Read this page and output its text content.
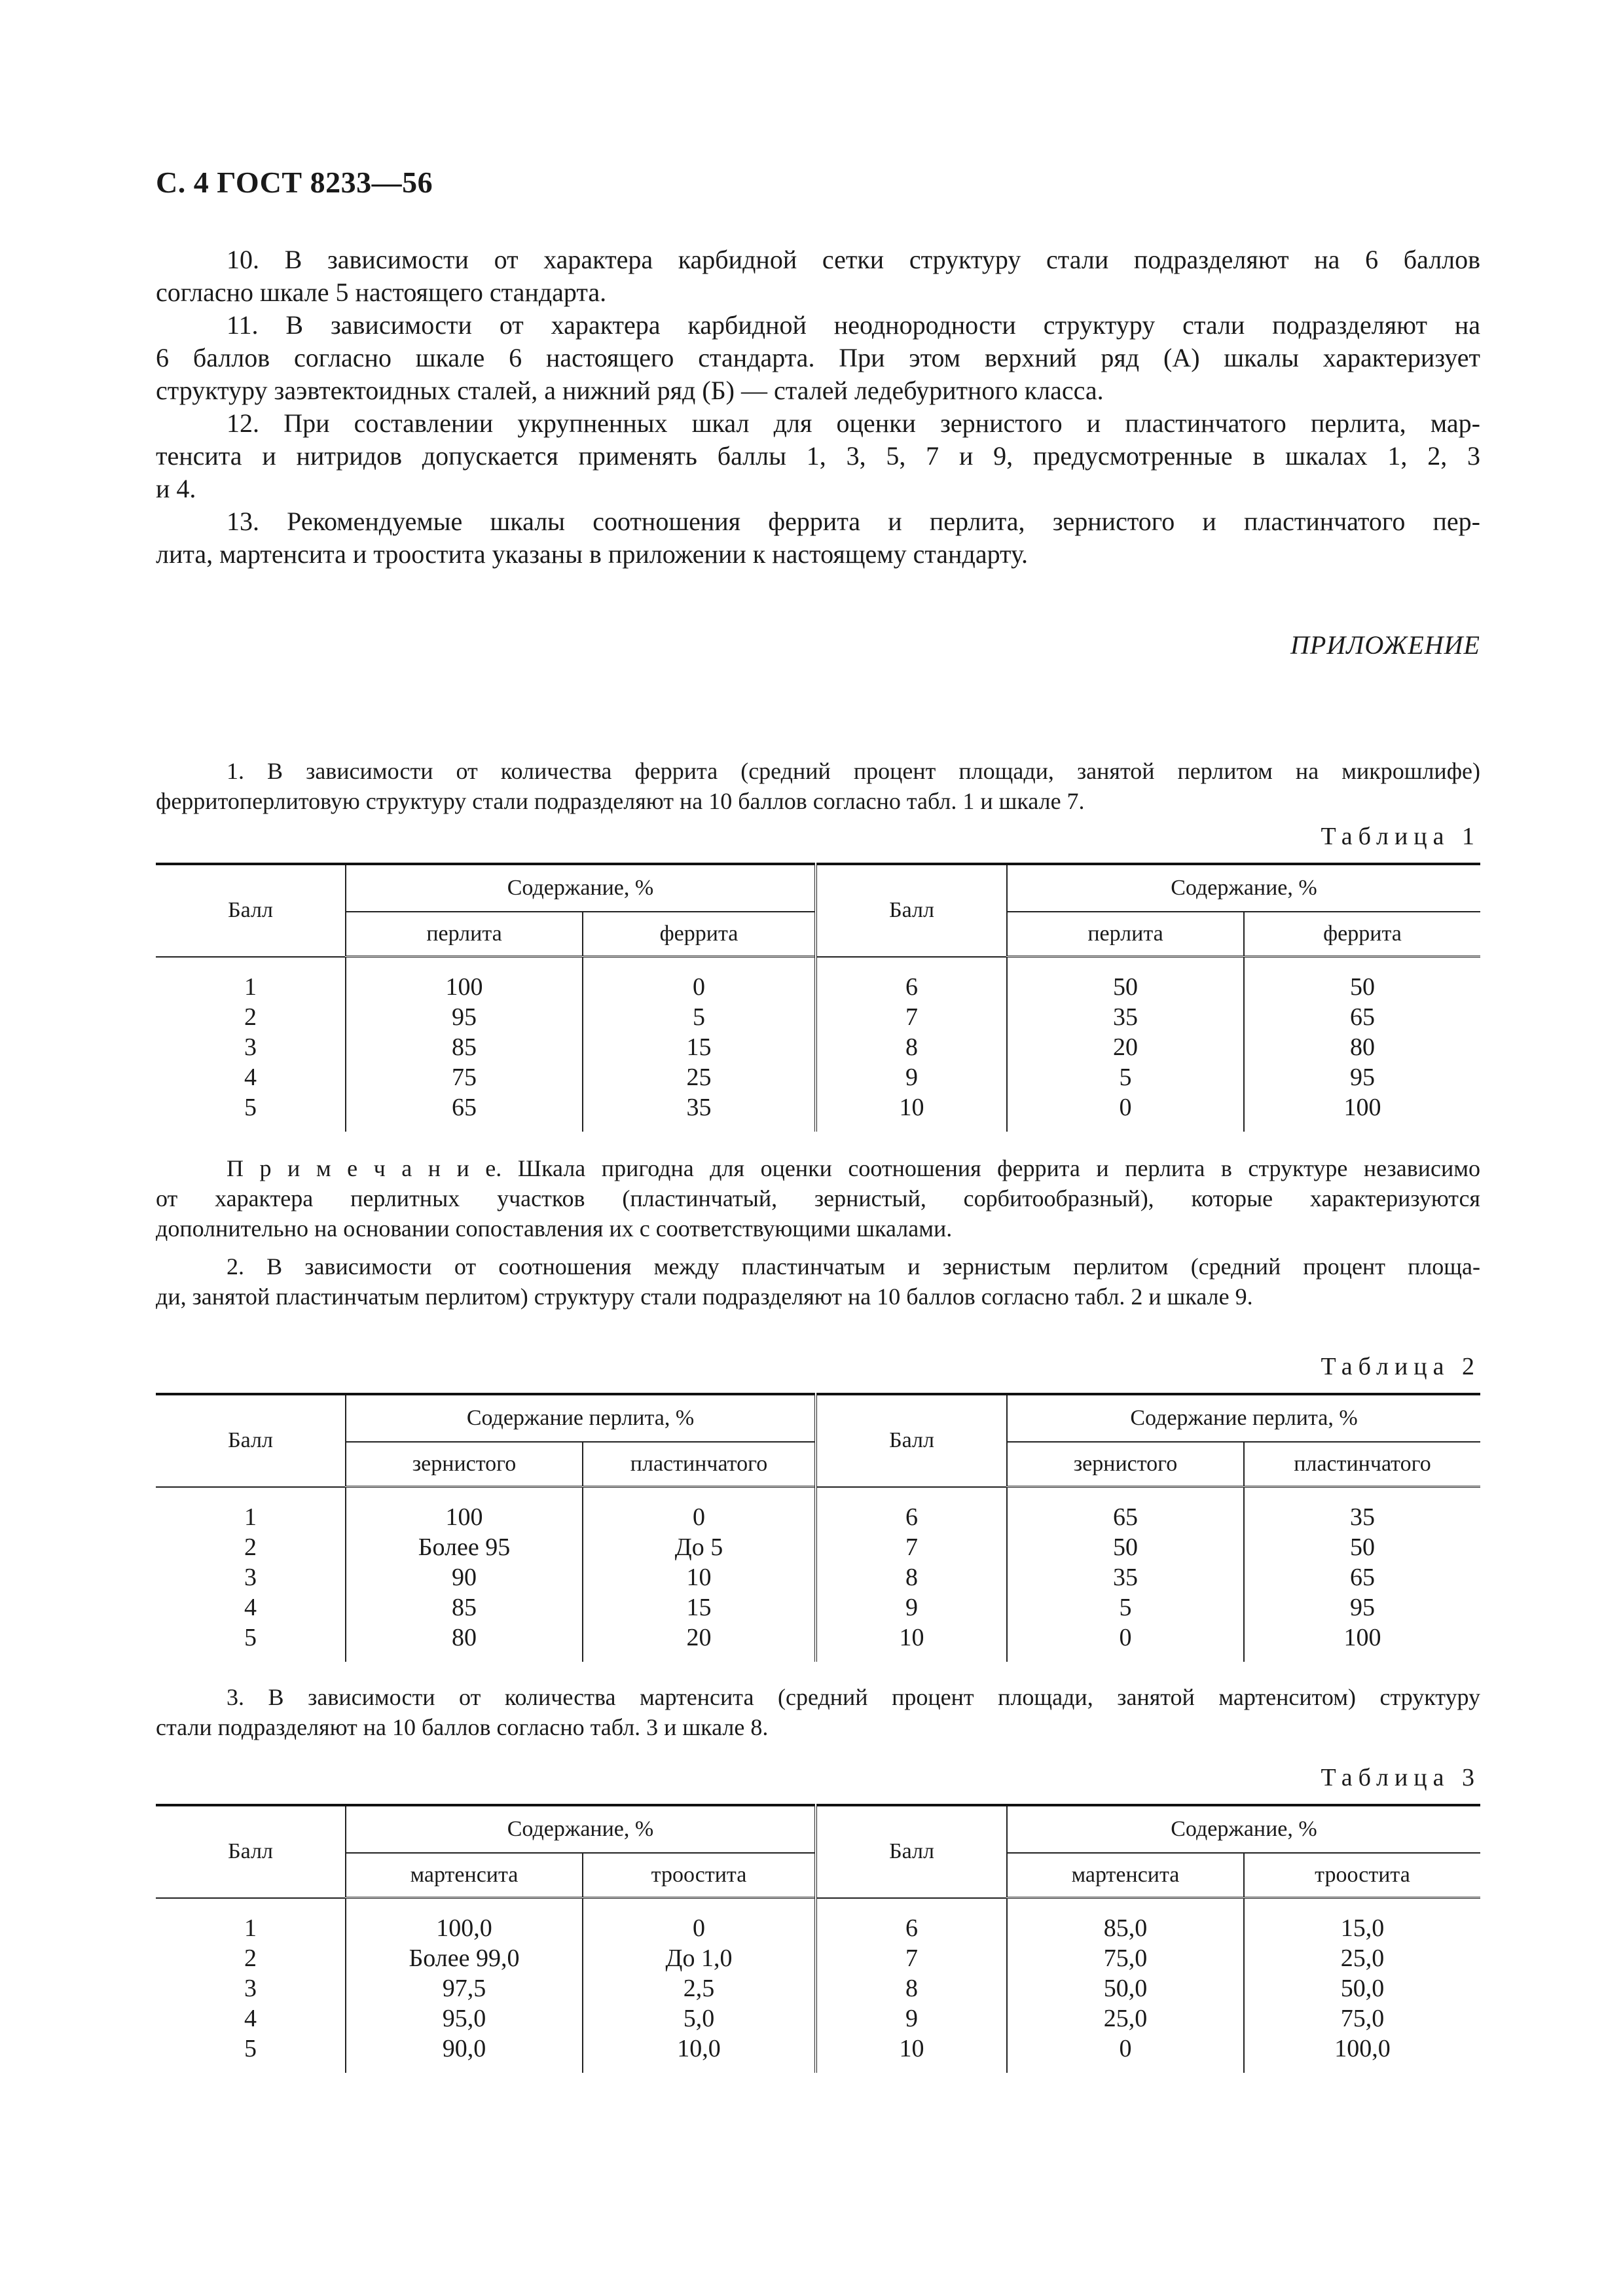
С. 4 ГОСТ 8233—56

10. В зависимости от характера карбидной сетки структуру стали подразделяют на 6 баллов
согласно шкале 5 настоящего стандарта.

11. В зависимости от характера карбидной неоднородности структуру стали подразделяют на
6 баллов согласно шкале 6 настоящего стандарта. При этом верхний ряд (А) шкалы характеризует
структуру заэвтектоидных сталей, а нижний ряд (Б) — сталей ледебуритного класса.

12. При составлении укрупненных шкал для оценки зернистого и пластинчатого перлита, мар-
тенсита и нитридов допускается применять баллы 1, 3, 5, 7 и 9, предусмотренные в шкалах 1, 2, 3
и 4.

13. Рекомендуемые шкалы соотношения феррита и перлита, зернистого и пластинчатого пер-
лита, мартенсита и троостита указаны в приложении к настоящему стандарту.

ПРИЛОЖЕНИЕ

1. В зависимости от количества феррита (средний процент площади, занятой перлитом на микрошлифе)
ферритоперлитовую структуру стали подразделяют на 10 баллов согласно табл. 1 и шкале 7.

Таблица 1
Балл	Содержание, %		Балл	Содержание, %	
	перлита	феррита		перлита	феррита
1	100	0	6	50	50
2	95	5	7	35	65
3	85	15	8	20	80
4	75	25	9	5	95
5	65	35	10	0	100

П р и м е ч а н и е. Шкала пригодна для оценки соотношения феррита и перлита в структуре независимо
от характера перлитных участков (пластинчатый, зернистый, сорбитообразный), которые характеризуются
дополнительно на основании сопоставления их с соответствующими шкалами.

2. В зависимости от соотношения между пластинчатым и зернистым перлитом (средний процент площа-
ди, занятой пластинчатым перлитом) структуру стали подразделяют на 10 баллов согласно табл. 2 и шкале 9.

Таблица 2
Балл	Содержание перлита, %		Балл	Содержание перлита, %	
	зернистого	пластинчатого		зернистого	пластинчатого
1	100	0	6	65	35
2	Более 95	До 5	7	50	50
3	90	10	8	35	65
4	85	15	9	5	95
5	80	20	10	0	100

3. В зависимости от количества мартенсита (средний процент площади, занятой мартенситом) структуру
стали подразделяют на 10 баллов согласно табл. 3 и шкале 8.

Таблица 3
Балл	Содержание, %		Балл	Содержание, %	
	мартенсита	троостита		мартенсита	троостита
1	100,0	0	6	85,0	15,0
2	Более 99,0	До 1,0	7	75,0	25,0
3	97,5	2,5	8	50,0	50,0
4	95,0	5,0	9	25,0	75,0
5	90,0	10,0	10	0	100,0
